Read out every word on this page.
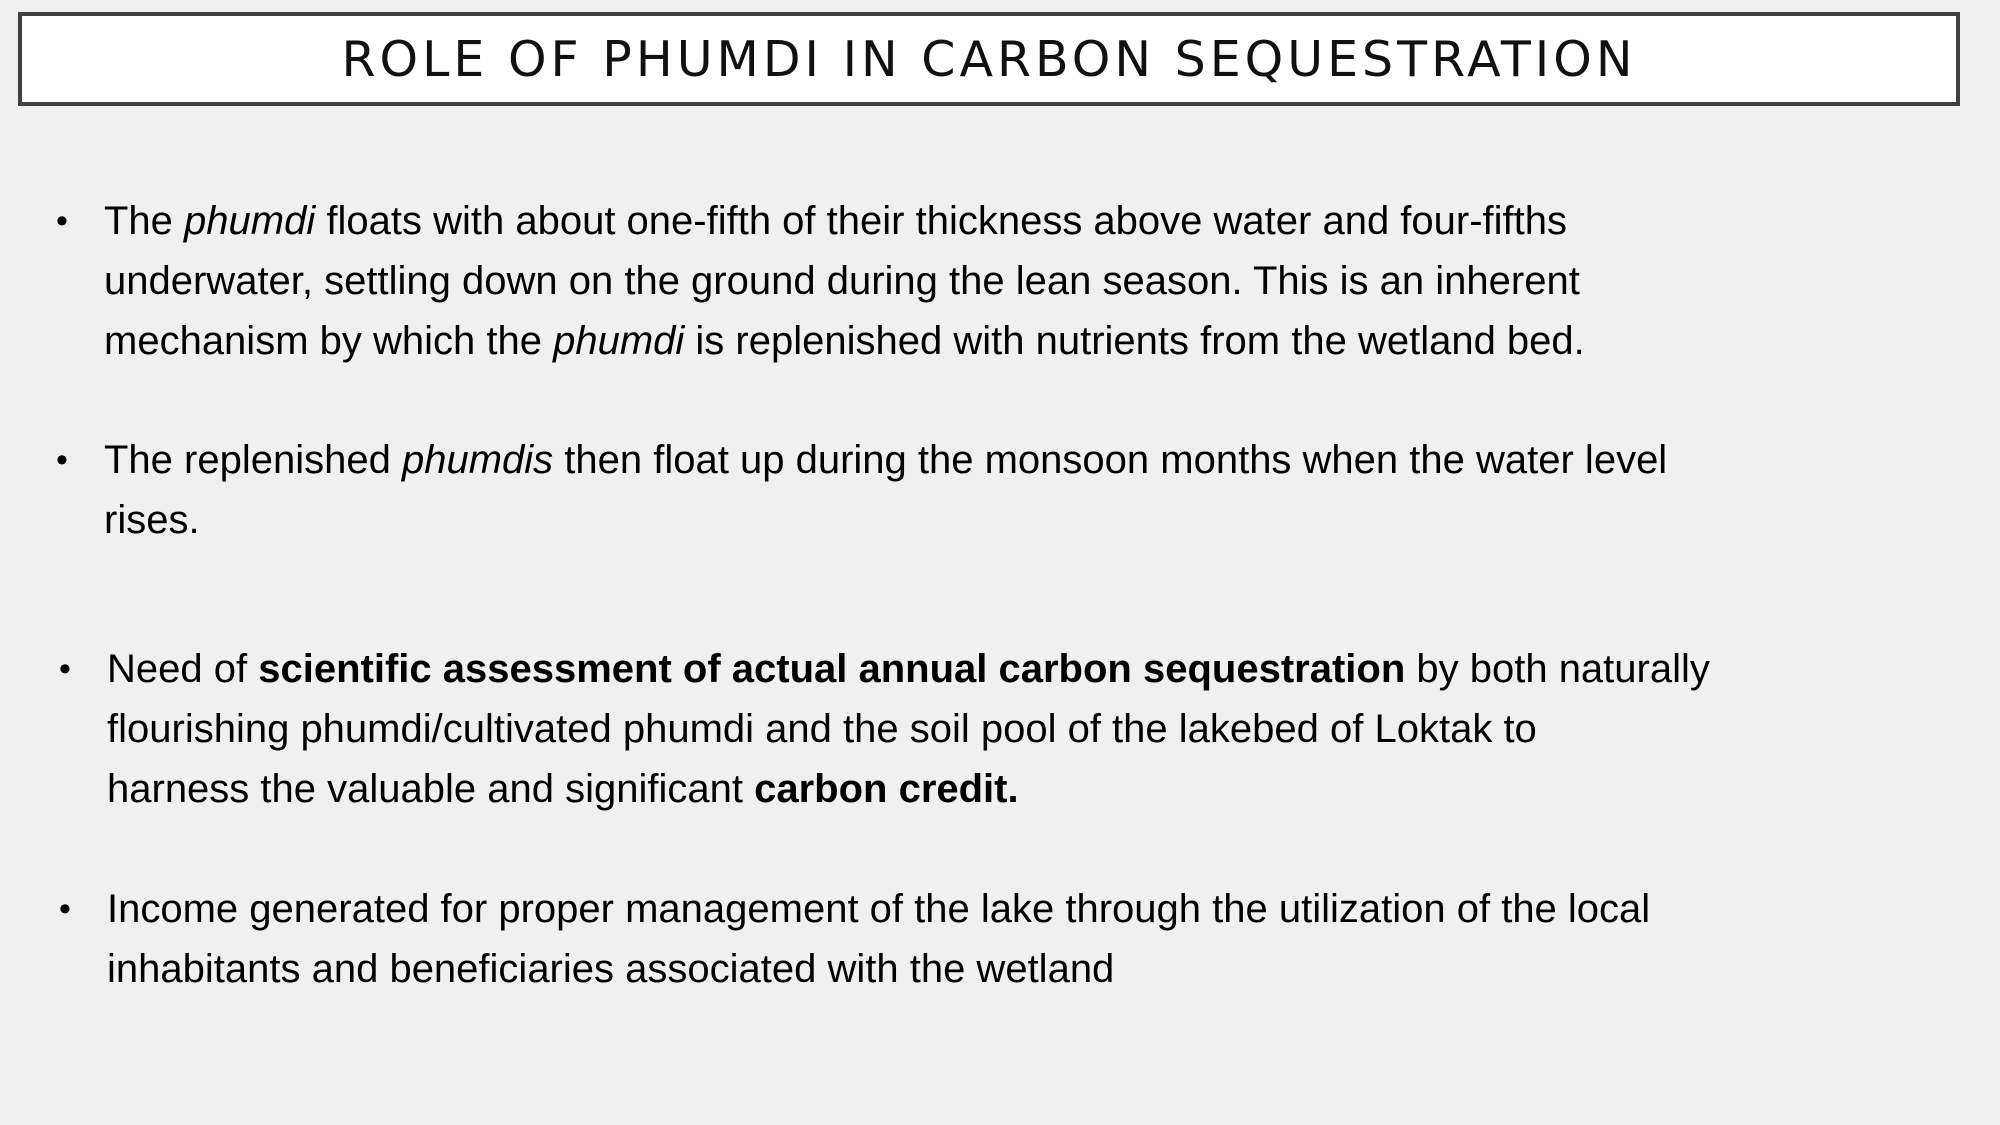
ROLE OF PHUMDI IN CARBON SEQUESTRATION
• The phumdi floats with about one-fifth of their thickness above water and four-fifths
underwater, settling down on the ground during the lean season. This is an inherent
mechanism by which the phumdi is replenished with nutrients from the wetland bed.
• The replenished phumdis then float up during the monsoon months when the water level
rises.
• Need of scientific assessment of actual annual carbon sequestration by both naturally
flourishing phumdi/cultivated phumdi and the soil pool of the lakebed of Loktak to
harness the valuable and significant carbon credit.
• Income generated for proper management of the lake through the utilization of the local
inhabitants and beneficiaries associated with the wetland
